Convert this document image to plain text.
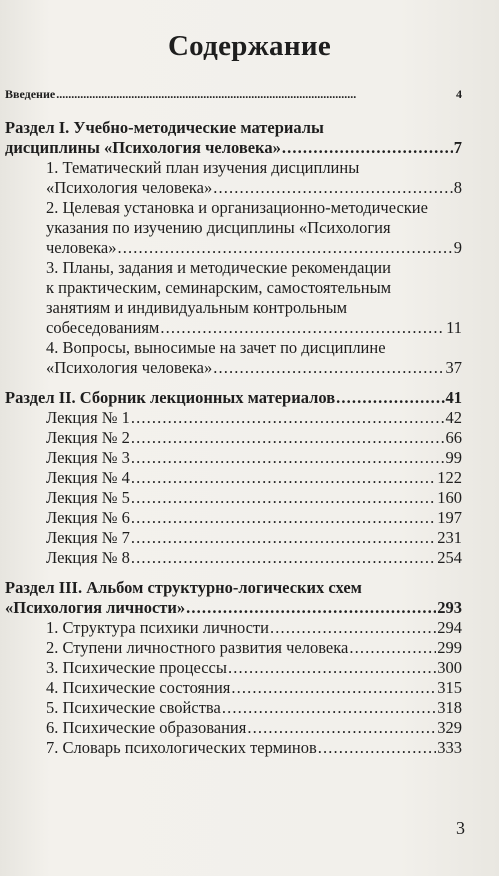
Содержание
Введение . . .	4
Раздел I. Учебно-методические материалы
дисциплины «Психология человека» . . .	7
1. Тематический план изучения дисциплины
«Психология человека» . . .	8
2. Целевая установка и организационно-методические
указания по изучению дисциплины «Психология
человека» . . .	9
3. Планы, задания и методические рекомендации
к практическим, семинарским, самостоятельным
занятиям и индивидуальным контрольным
собеседованиям . . .	11
4. Вопросы, выносимые на зачет по дисциплине
«Психология человека» . . .	37
Раздел II. Сборник лекционных материалов . . .	41
Лекция № 1 . . .	42
Лекция № 2 . . .	66
Лекция № 3 . . .	99
Лекция № 4 . . .	122
Лекция № 5 . . .	160
Лекция № 6 . . .	197
Лекция № 7 . . .	231
Лекция № 8 . . .	254
Раздел III. Альбом структурно-логических схем
«Психология личности» . . .	293
1. Структура психики личности . . .	294
2. Ступени личностного развития человека . . .	299
3. Психические процессы . . .	300
4. Психические состояния . . .	315
5. Психические свойства . . .	318
6. Психические образования . . .	329
7. Словарь психологических терминов . . .	333
3
